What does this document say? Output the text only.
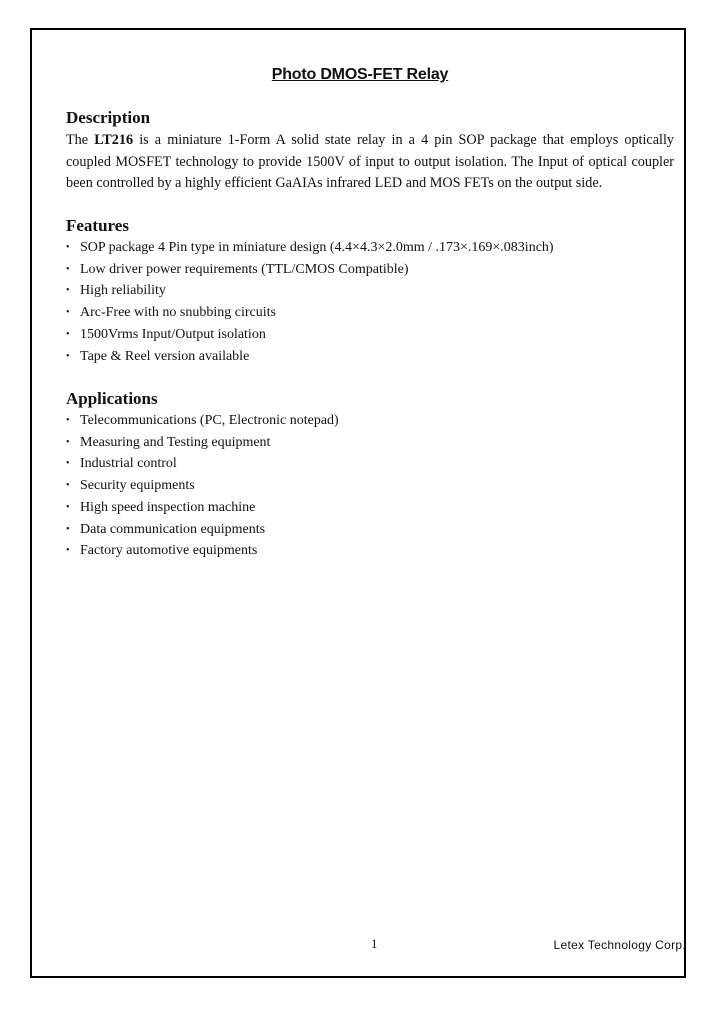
Photo DMOS-FET Relay
Description

The LT216 is a miniature 1-Form A solid state relay in a 4 pin SOP package that employs optically coupled MOSFET technology to provide 1500V of input to output isolation. The Input of optical coupler been controlled by a highly efficient GaAIAs infrared LED and MOS FETs on the output side.

Features
• SOP package 4 Pin type in miniature design (4.4×4.3×2.0mm / .173×.169×.083inch)
• Low driver power requirements (TTL/CMOS Compatible)
• High reliability
• Arc-Free with no snubbing circuits
• 1500Vrms Input/Output isolation
• Tape & Reel version available
Applications
• Telecommunications (PC, Electronic notepad)
• Measuring and Testing equipment
• Industrial control
• Security equipments
• High speed inspection machine
• Data communication equipments
• Factory automotive equipments
1	Letex Technology Corp.
